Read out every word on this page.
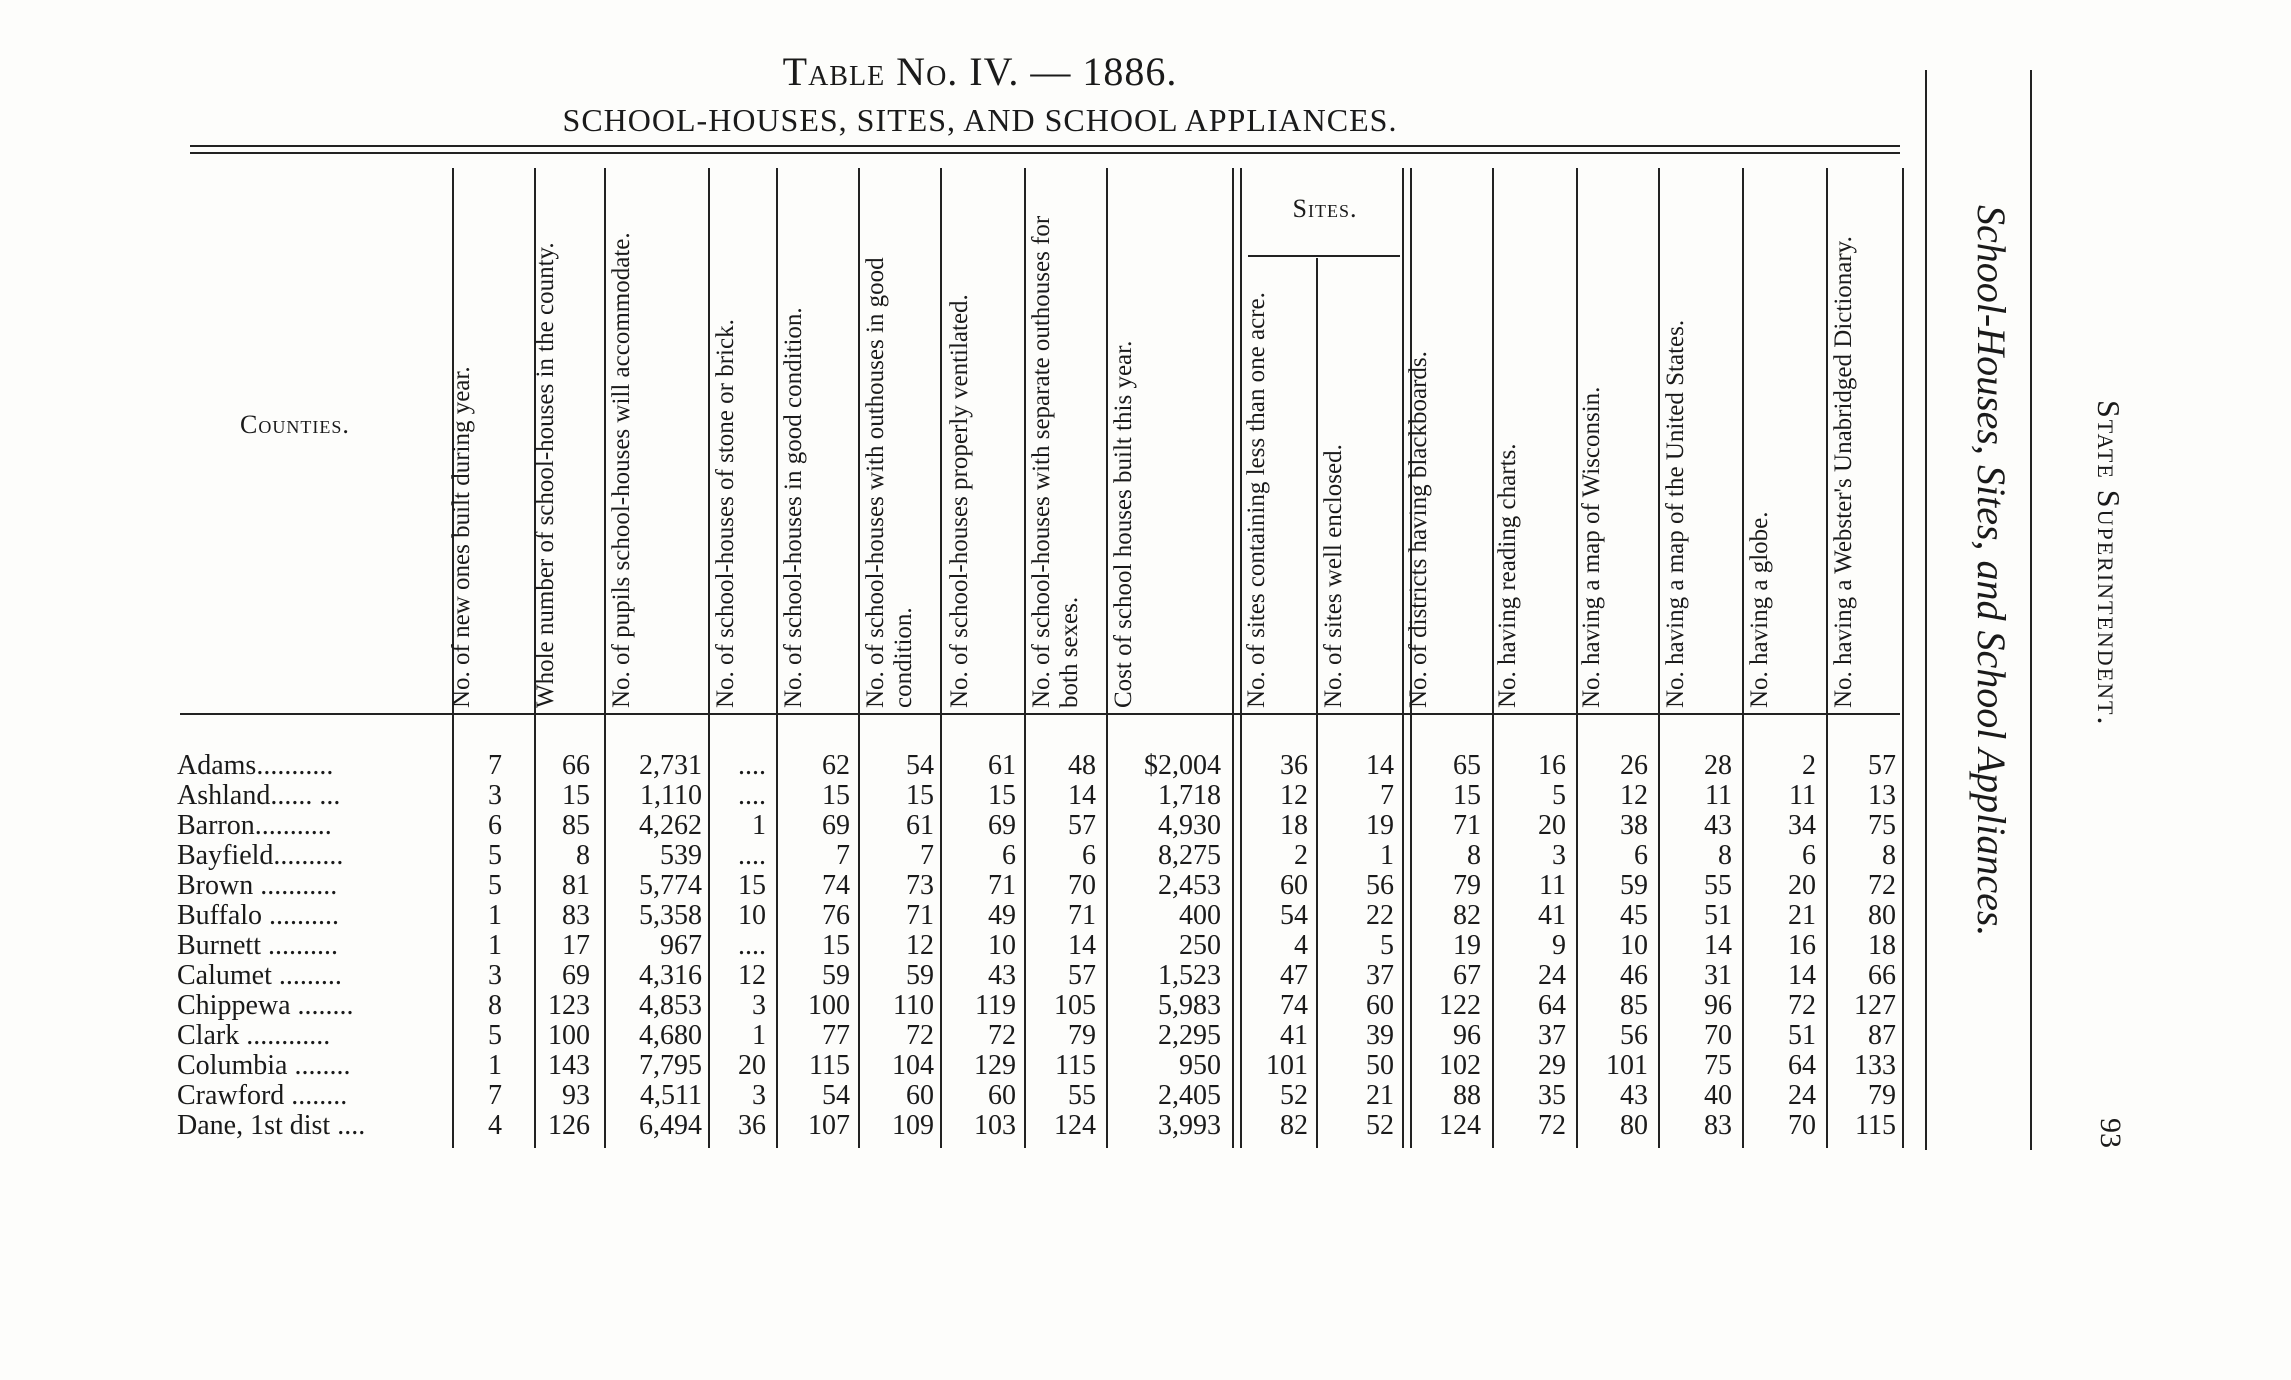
Table No. IV. — 1886.
SCHOOL-HOUSES, SITES, AND SCHOOL APPLIANCES.
Counties.
Sites.
No. of new ones built during year.	Whole number of school-houses in the county.	No. of pupils school-houses will accommodate.	No. of school-houses of stone or brick.	No. of school-houses in good condition.	No. of school-houses with outhouses in good condition.	No. of school-houses properly ventilated.	No. of school-houses with separate outhouses for both sexes.	Cost of school houses built this year.	No. of sites containing less than one acre.	No. of sites well enclosed.	No. of districts having blackboards.	No. having reading charts.	No. having a map of Wisconsin.	No. having a map of the United States.	No. having a globe.	No. having a Webster's Unabridged Dictionary.
Adams...........	7	66	2,731	....	62	54	61	48	$2,004	36	14	65	16	26	28	2	57
Ashland...... ...	3	15	1,110	....	15	15	15	14	1,718	12	7	15	5	12	11	11	13
Barron...........	6	85	4,262	1	69	61	69	57	4,930	18	19	71	20	38	43	34	75
Bayfield..........	5	8	539	....	7	7	6	6	8,275	2	1	8	3	6	8	6	8
Brown ...........	5	81	5,774	15	74	73	71	70	2,453	60	56	79	11	59	55	20	72
Buffalo ..........	1	83	5,358	10	76	71	49	71	400	54	22	82	41	45	51	21	80
Burnett ..........	1	17	967	....	15	12	10	14	250	4	5	19	9	10	14	16	18
Calumet .........	3	69	4,316	12	59	59	43	57	1,523	47	37	67	24	46	31	14	66
Chippewa ........	8	123	4,853	3	100	110	119	105	5,983	74	60	122	64	85	96	72	127
Clark ............	5	100	4,680	1	77	72	72	79	2,295	41	39	96	37	56	70	51	87
Columbia ........	1	143	7,795	20	115	104	129	115	950	101	50	102	29	101	75	64	133
Crawford ........	7	93	4,511	3	54	60	60	55	2,405	52	21	88	35	43	40	24	79
Dane, 1st dist ....	4	126	6,494	36	107	109	103	124	3,993	82	52	124	72	80	83	70	115
School-Houses, Sites, and School Appliances.	State Superintendent.
93
